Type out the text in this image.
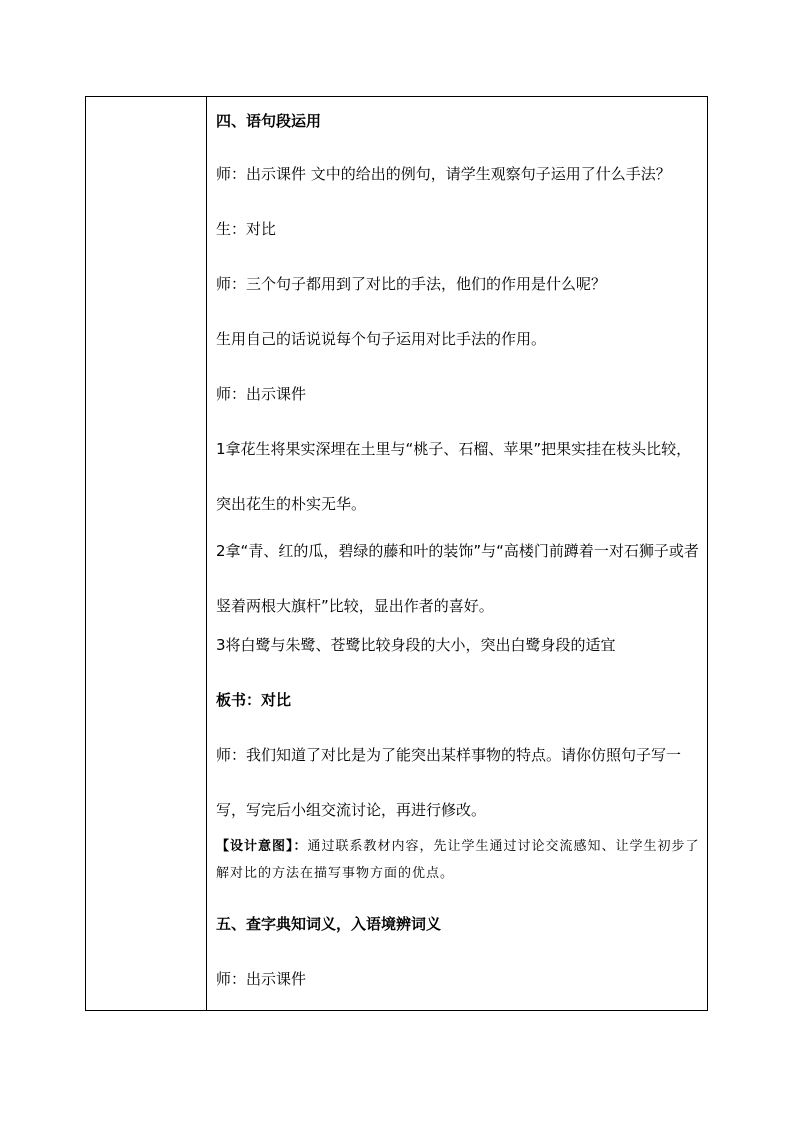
四、语句段运用
师：出示课件 文中的给出的例句，请学生观察句子运用了什么手法？
生：对比
师：三个句子都用到了对比的手法，他们的作用是什么呢？
生用自己的话说说每个句子运用对比手法的作用。
师：出示课件
1拿花生将果实深埋在土里与“桃子、石榴、苹果”把果实挂在枝头比较，突出花生的朴实无华。
2拿“青、红的瓜，碧绿的藤和叶的装饰”与“高楼门前蹲着一对石狮子或者竖着两根大旗杆”比较，显出作者的喜好。
3将白鹭与朱鹭、苍鹭比较身段的大小，突出白鹭身段的适宜
板书：对比
师：我们知道了对比是为了能突出某样事物的特点。请你仿照句子写一写，写完后小组交流讨论，再进行修改。
【设计意图】：通过联系教材内容，先让学生通过讨论交流感知、让学生初步了解对比的方法在描写事物方面的优点。
五、查字典知词义，入语境辨词义
师：出示课件
